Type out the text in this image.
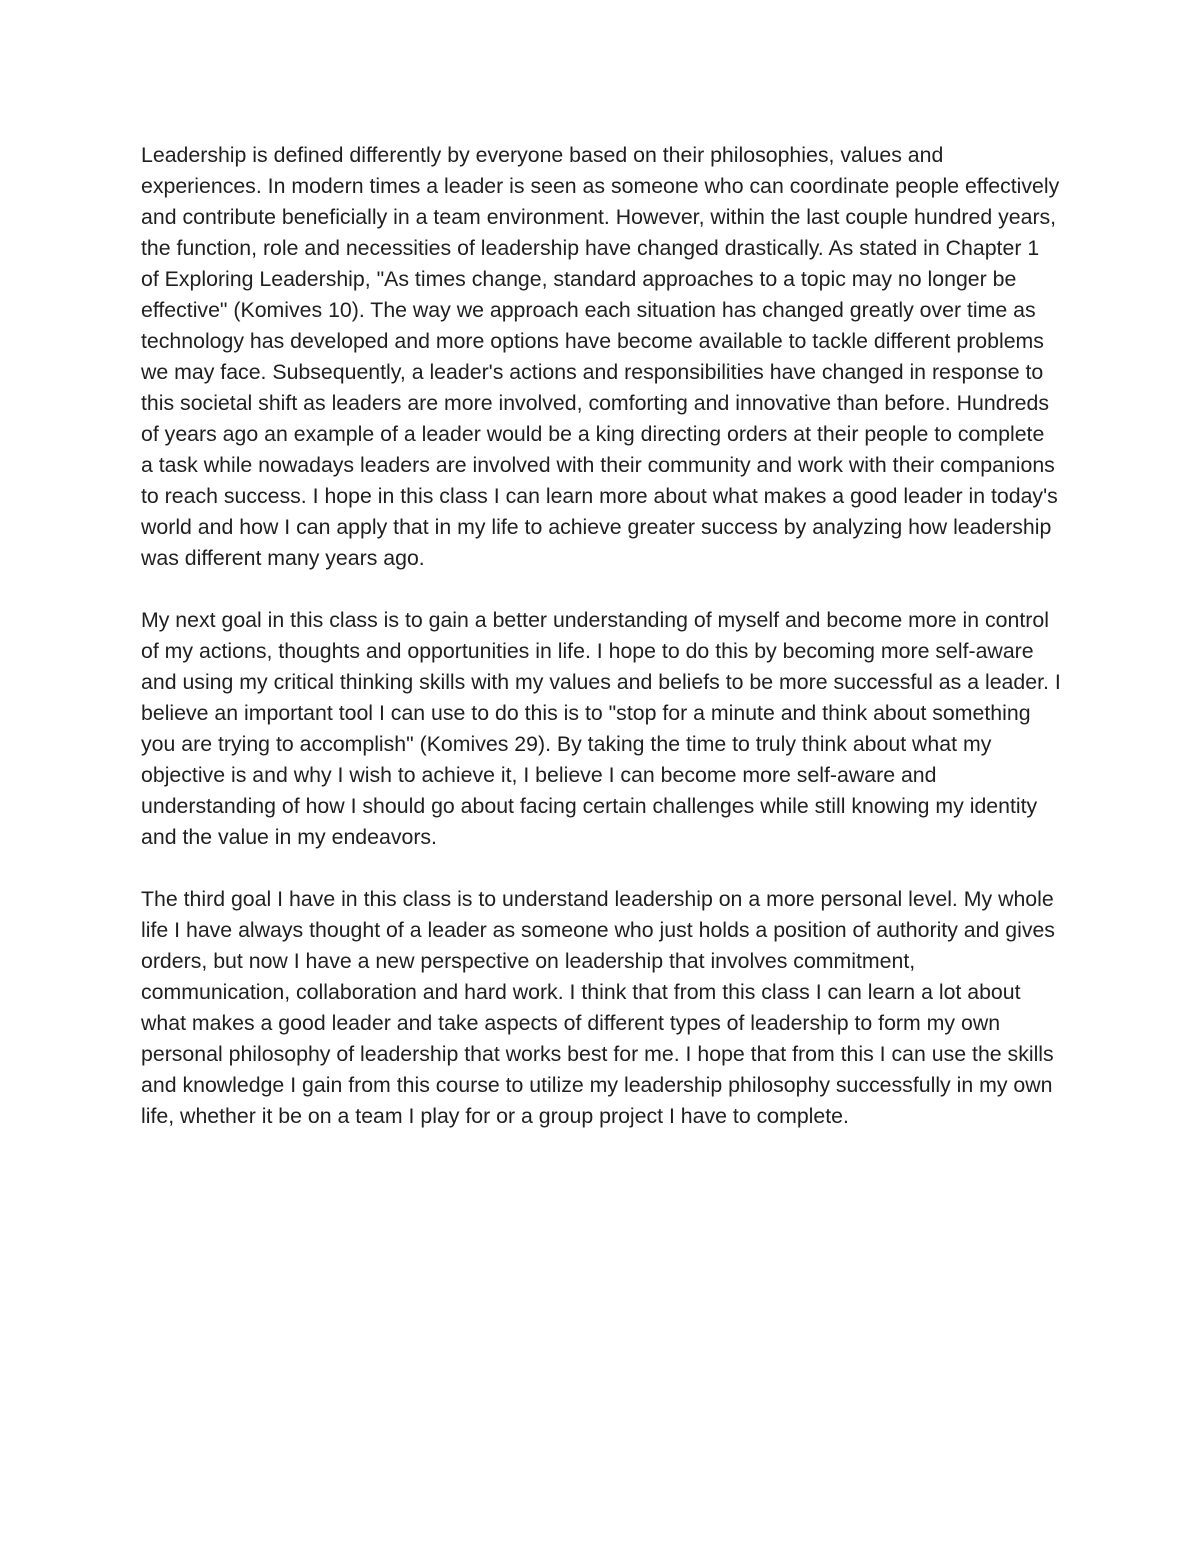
Leadership is defined differently by everyone based on their philosophies, values and experiences. In modern times a leader is seen as someone who can coordinate people effectively and contribute beneficially in a team environment. However, within the last couple hundred years, the function, role and necessities of leadership have changed drastically. As stated in Chapter 1 of Exploring Leadership, "As times change, standard approaches to a topic may no longer be effective" (Komives 10). The way we approach each situation has changed greatly over time as technology has developed and more options have become available to tackle different problems we may face. Subsequently, a leader's actions and responsibilities have changed in response to this societal shift as leaders are more involved, comforting and innovative than before. Hundreds of years ago an example of a leader would be a king directing orders at their people to complete a task while nowadays leaders are involved with their community and work with their companions to reach success. I hope in this class I can learn more about what makes a good leader in today's world and how I can apply that in my life to achieve greater success by analyzing how leadership was different many years ago.

My next goal in this class is to gain a better understanding of myself and become more in control of my actions, thoughts and opportunities in life. I hope to do this by becoming more self-aware and using my critical thinking skills with my values and beliefs to be more successful as a leader. I believe an important tool I can use to do this is to "stop for a minute and think about something you are trying to accomplish" (Komives 29). By taking the time to truly think about what my objective is and why I wish to achieve it, I believe I can become more self-aware and understanding of how I should go about facing certain challenges while still knowing my identity and the value in my endeavors.

The third goal I have in this class is to understand leadership on a more personal level. My whole life I have always thought of a leader as someone who just holds a position of authority and gives orders, but now I have a new perspective on leadership that involves commitment, communication, collaboration and hard work. I think that from this class I can learn a lot about what makes a good leader and take aspects of different types of leadership to form my own personal philosophy of leadership that works best for me. I hope that from this I can use the skills and knowledge I gain from this course to utilize my leadership philosophy successfully in my own life, whether it be on a team I play for or a group project I have to complete.
